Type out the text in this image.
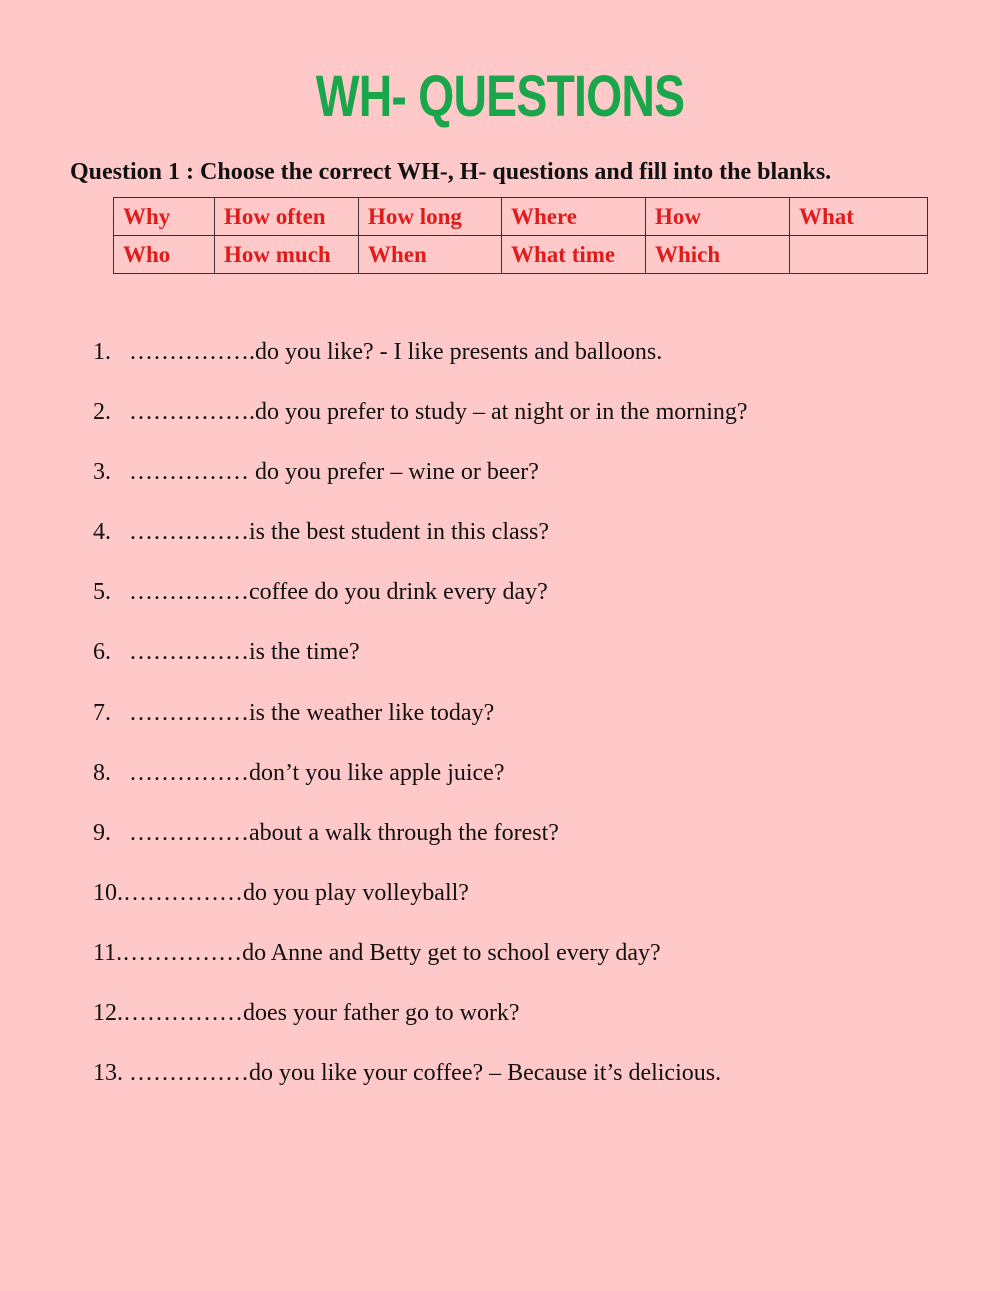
WH- QUESTIONS
Question 1 : Choose the correct WH-, H- questions and fill into the blanks.
Why	How often	How long	Where	How	What
Who	How much	When	What time	Which	
1. …………….do you like? - I like presents and balloons.
2. …………….do you prefer to study – at night or in the morning?
3. …………… do you prefer – wine or beer?
4. ……………is the best student in this class?
5. ……………coffee do you drink every day?
6. ……………is the time?
7. ……………is the weather like today?
8. ……………don’t you like apple juice?
9. ……………about a walk through the forest?
10.……………do you play volleyball?
11.……………do Anne and Betty get to school every day?
12.……………does your father go to work?
13. ……………do you like your coffee? – Because it’s delicious.
